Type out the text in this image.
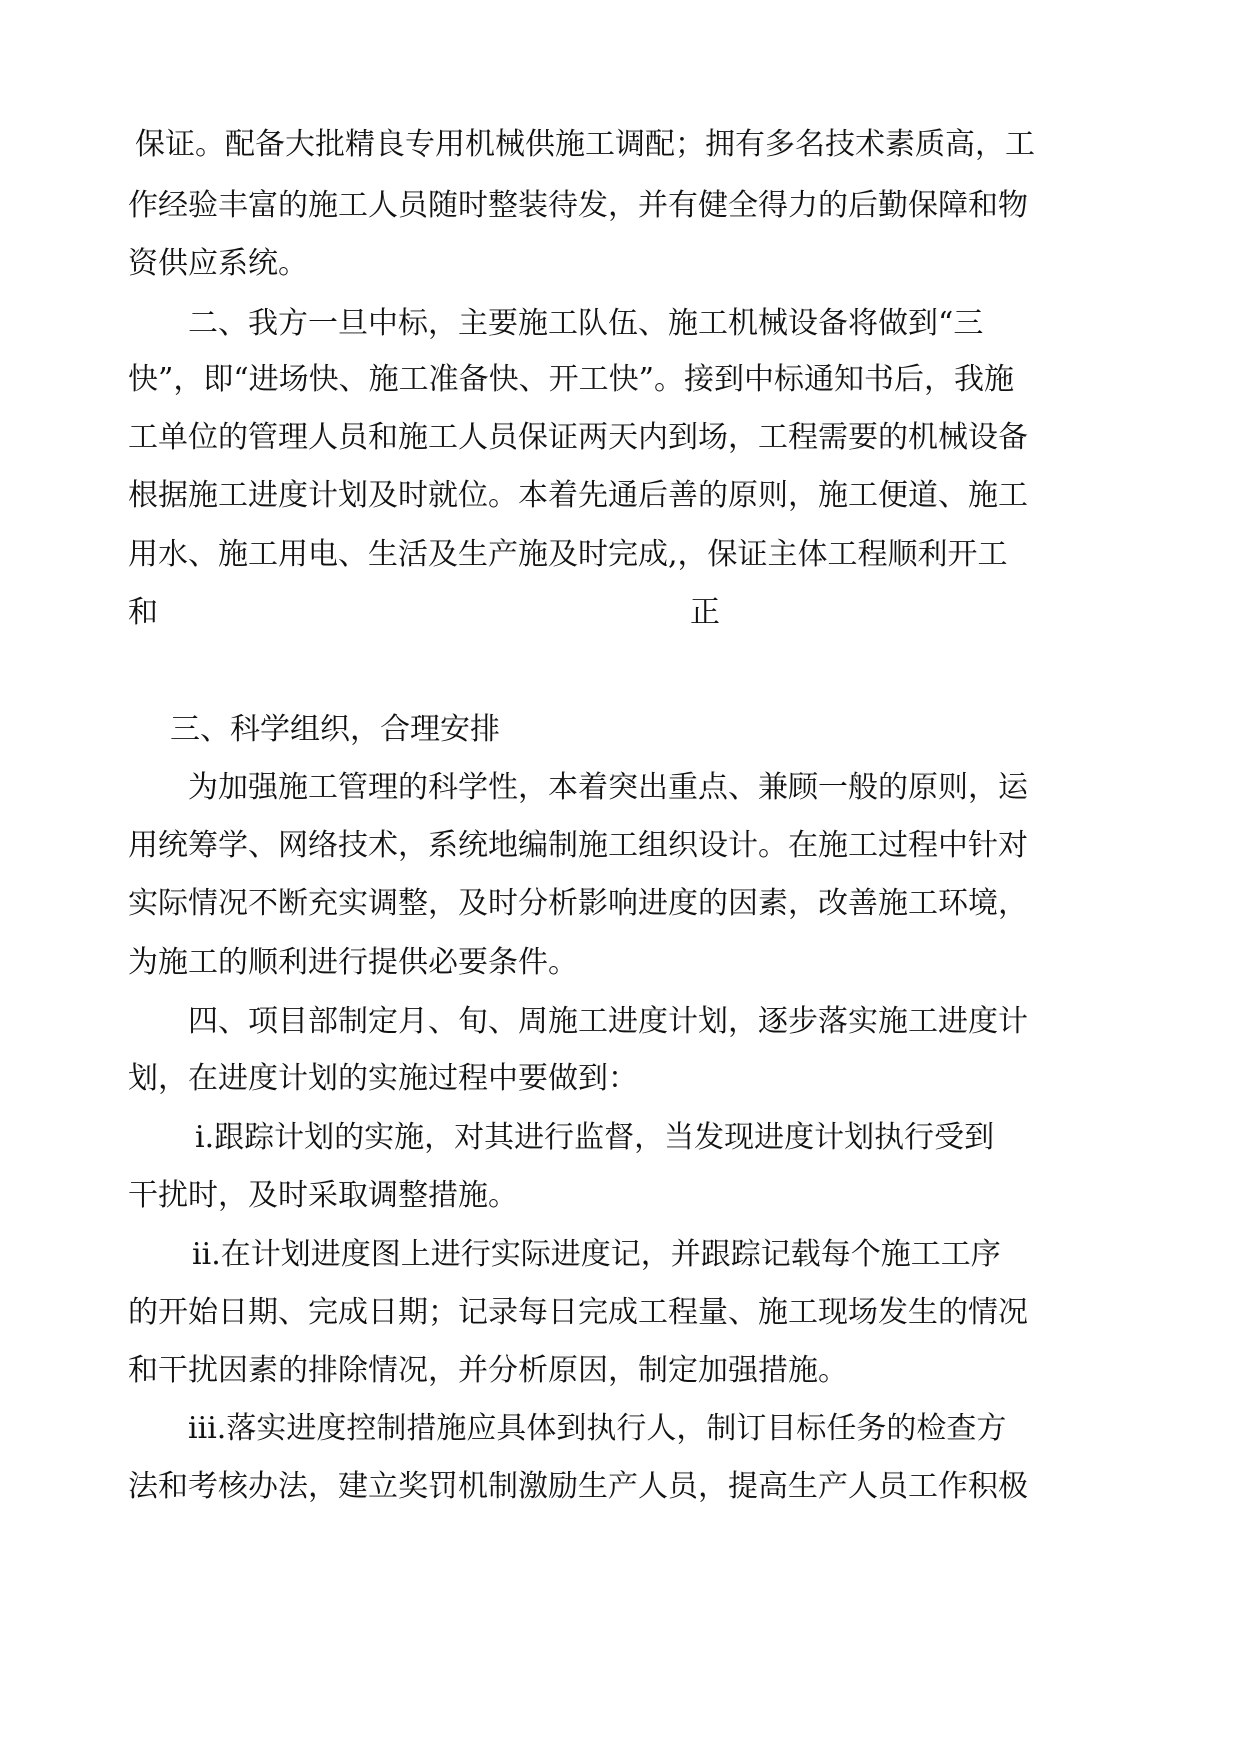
保证。配备大批精良专用机械供施工调配；拥有多名技术素质高，工
作经验丰富的施工人员随时整装待发，并有健全得力的后勤保障和物
资供应系统。
二、我方一旦中标，主要施工队伍、施工机械设备将做到“三
快”，即“进场快、施工准备快、开工快”。接到中标通知书后，我施
工单位的管理人员和施工人员保证两天内到场，工程需要的机械设备
根据施工进度计划及时就位。本着先通后善的原则，施工便道、施工
用水、施工用电、生活及生产施及时完成,，保证主体工程顺利开工
和	正
三、科学组织，合理安排
为加强施工管理的科学性，本着突出重点、兼顾一般的原则，运
用统筹学、网络技术，系统地编制施工组织设计。在施工过程中针对
实际情况不断充实调整，及时分析影响进度的因素，改善施工环境，
为施工的顺利进行提供必要条件。
四、项目部制定月、旬、周施工进度计划，逐步落实施工进度计
划，在进度计划的实施过程中要做到：
ⅰ.跟踪计划的实施，对其进行监督，当发现进度计划执行受到
干扰时，及时采取调整措施。
ⅱ.在计划进度图上进行实际进度记，并跟踪记载每个施工工序
的开始日期、完成日期；记录每日完成工程量、施工现场发生的情况
和干扰因素的排除情况，并分析原因，制定加强措施。
ⅲ.落实进度控制措施应具体到执行人，制订目标任务的检查方
法和考核办法，建立奖罚机制激励生产人员，提高生产人员工作积极
